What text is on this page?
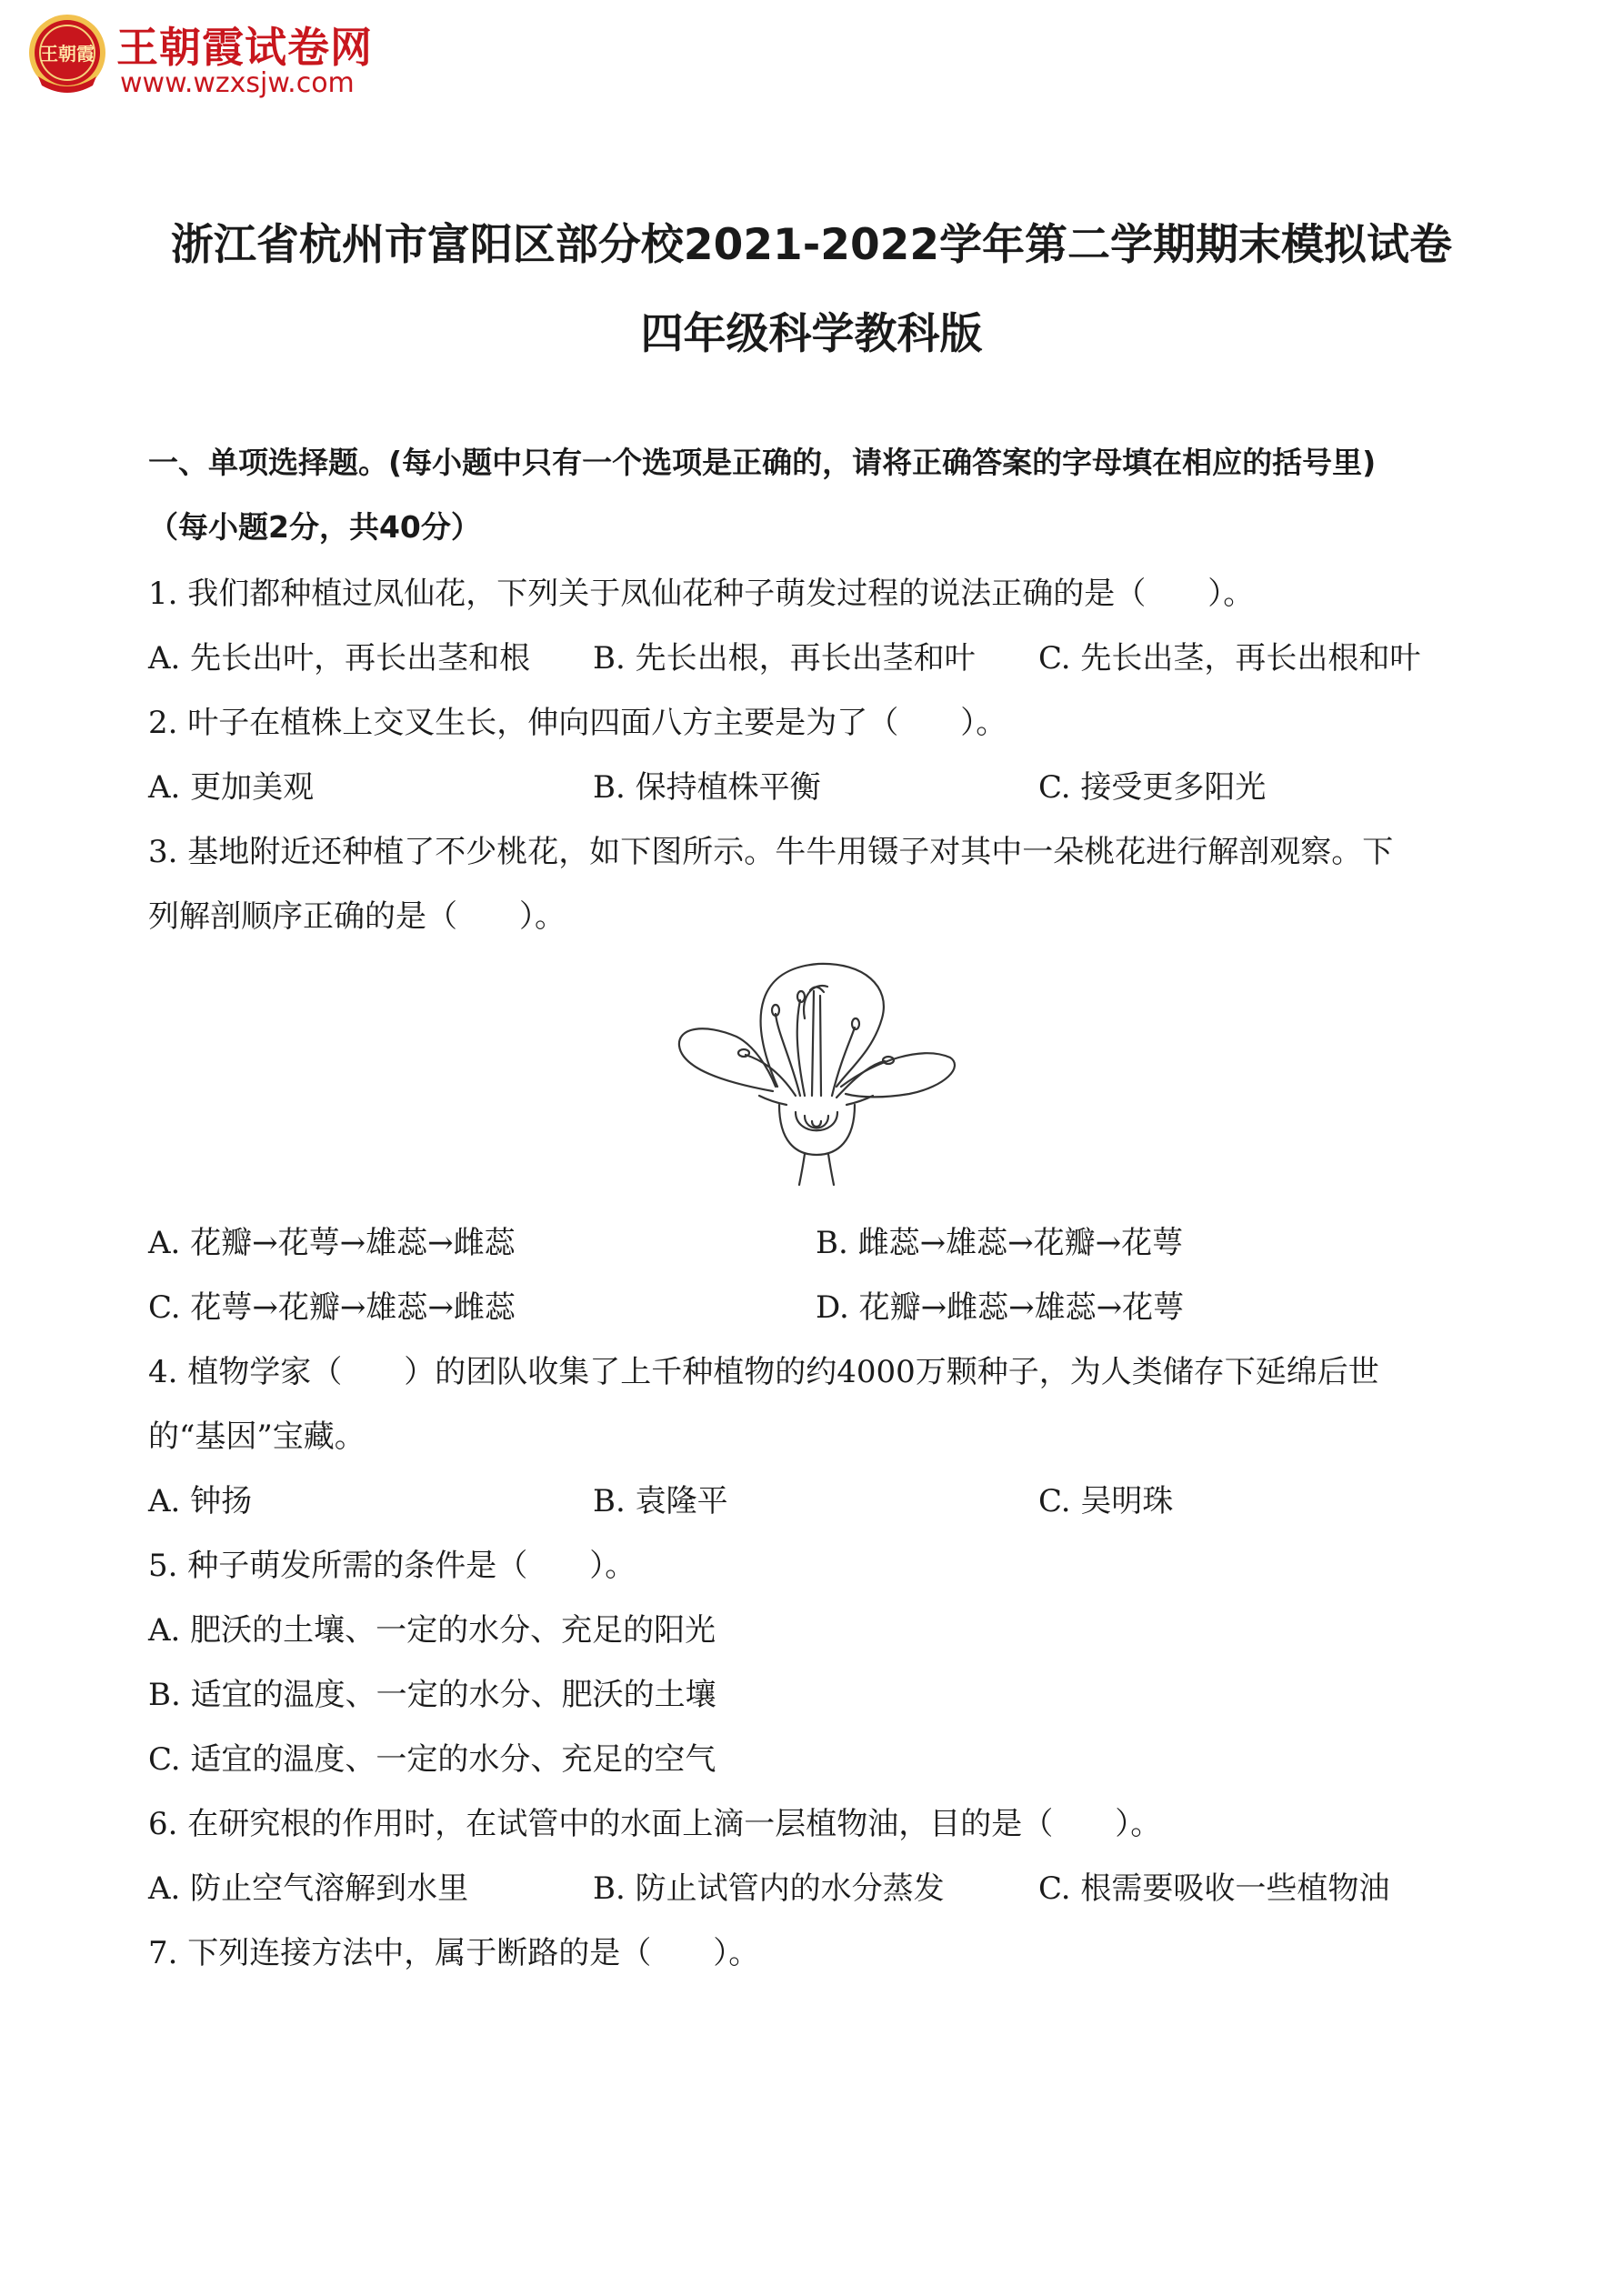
王朝霞 王朝霞试卷网
www.wzxsjw.com
浙江省杭州市富阳区部分校2021-2022学年第二学期期末模拟试卷
四年级科学教科版
一、单项选择题。(每小题中只有一个选项是正确的，请将正确答案的字母填在相应的括号里)
（每小题2分，共40分）
1. 我们都种植过凤仙花，下列关于凤仙花种子萌发过程的说法正确的是（　　）。
A. 先长出叶，再长出茎和根 B. 先长出根，再长出茎和叶 C. 先长出茎，再长出根和叶
2. 叶子在植株上交叉生长，伸向四面八方主要是为了（　　）。
A. 更加美观	B. 保持植株平衡	C. 接受更多阳光
3. 基地附近还种植了不少桃花，如下图所示。牛牛用镊子对其中一朵桃花进行解剖观察。下
列解剖顺序正确的是（　　）。
A. 花瓣→花萼→雄蕊→雌蕊	B. 雌蕊→雄蕊→花瓣→花萼
C. 花萼→花瓣→雄蕊→雌蕊	D. 花瓣→雌蕊→雄蕊→花萼
4. 植物学家（　　）的团队收集了上千种植物的约4000万颗种子，为人类储存下延绵后世
的“基因”宝藏。
A. 钟扬	B. 袁隆平	C. 吴明珠
5. 种子萌发所需的条件是（　　）。
A. 肥沃的土壤、一定的水分、充足的阳光
B. 适宜的温度、一定的水分、肥沃的土壤
C. 适宜的温度、一定的水分、充足的空气
6. 在研究根的作用时，在试管中的水面上滴一层植物油，目的是（　　）。
A. 防止空气溶解到水里	B. 防止试管内的水分蒸发	C. 根需要吸收一些植物油
7. 下列连接方法中，属于断路的是（　　）。
